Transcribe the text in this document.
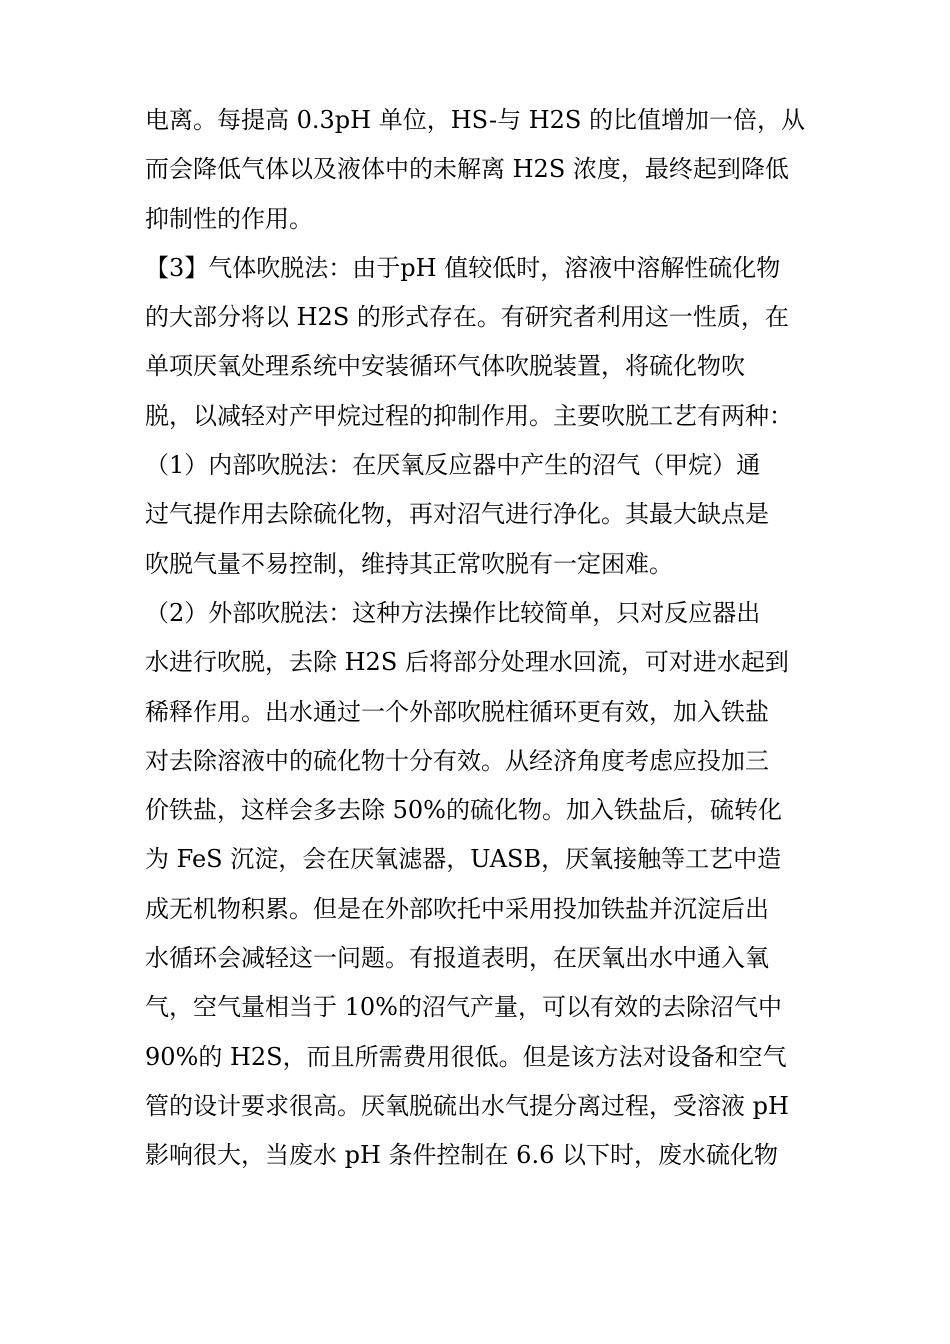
电离。每提高 0.3pH 单位，HS-与 H2S 的比值增加一倍，从
而会降低气体以及液体中的未解离 H2S 浓度，最终起到降低
抑制性的作用。
【3】气体吹脱法：由于pH 值较低时，溶液中溶解性硫化物
的大部分将以 H2S 的形式存在。有研究者利用这一性质，在
单项厌氧处理系统中安装循环气体吹脱装置，将硫化物吹
脱，以减轻对产甲烷过程的抑制作用。主要吹脱工艺有两种：
（1）内部吹脱法：在厌氧反应器中产生的沼气（甲烷）通
过气提作用去除硫化物，再对沼气进行净化。其最大缺点是
吹脱气量不易控制，维持其正常吹脱有一定困难。
（2）外部吹脱法：这种方法操作比较简单，只对反应器出
水进行吹脱，去除 H2S 后将部分处理水回流，可对进水起到
稀释作用。出水通过一个外部吹脱柱循环更有效，加入铁盐
对去除溶液中的硫化物十分有效。从经济角度考虑应投加三
价铁盐，这样会多去除 50%的硫化物。加入铁盐后，硫转化
为 FeS 沉淀，会在厌氧滤器，UASB，厌氧接触等工艺中造
成无机物积累。但是在外部吹托中采用投加铁盐并沉淀后出
水循环会减轻这一问题。有报道表明，在厌氧出水中通入氧
气，空气量相当于 10%的沼气产量，可以有效的去除沼气中
90%的 H2S，而且所需费用很低。但是该方法对设备和空气
管的设计要求很高。厌氧脱硫出水气提分离过程，受溶液 pH
影响很大，当废水 pH 条件控制在 6.6 以下时，废水硫化物
